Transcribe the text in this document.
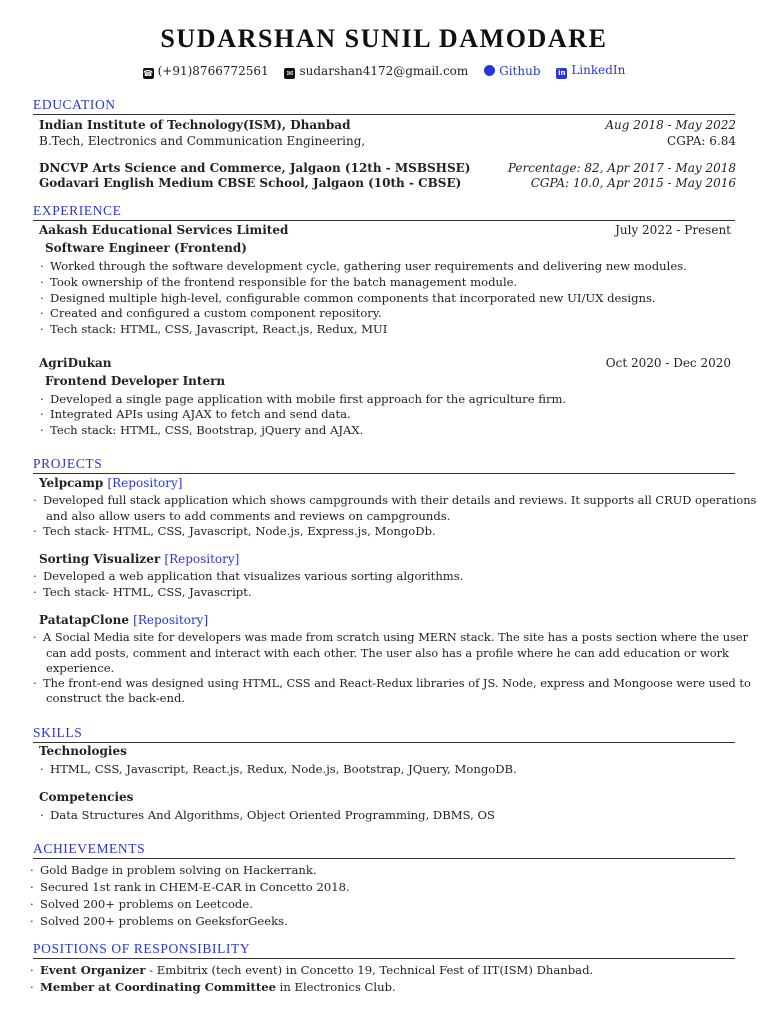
SUDARSHAN SUNIL DAMODARE
☎ (+91)8766772561 ✉ sudarshan4172@gmail.com	Github	in LinkedIn
EDUCATION
Indian Institute of Technology(ISM), Dhanbad	Aug 2018 - May 2022
B.Tech, Electronics and Communication Engineering,	CGPA: 6.84
DNCVP Arts Science and Commerce, Jalgaon (12th - MSBSHSE)	Percentage: 82, Apr 2017 - May 2018
Godavari English Medium CBSE School, Jalgaon (10th - CBSE)	CGPA: 10.0, Apr 2015 - May 2016
EXPERIENCE
Aakash Educational Services Limited	July 2022 - Present
Software Engineer (Frontend)
· Worked through the software development cycle, gathering user requirements and delivering new modules.
· Took ownership of the frontend responsible for the batch management module.
· Designed multiple high-level, configurable common components that incorporated new UI/UX designs.
· Created and configured a custom component repository.
· Tech stack: HTML, CSS, Javascript, React.js, Redux, MUI
AgriDukan	Oct 2020 - Dec 2020
Frontend Developer Intern
· Developed a single page application with mobile first approach for the agriculture firm.
· Integrated APIs using AJAX to fetch and send data.
· Tech stack: HTML, CSS, Bootstrap, jQuery and AJAX.
PROJECTS
Yelpcamp [Repository]
· Developed full stack application which shows campgrounds with their details and reviews. It supports all CRUD operations
and also allow users to add comments and reviews on campgrounds.
· Tech stack- HTML, CSS, Javascript, Node.js, Express.js, MongoDb.
Sorting Visualizer [Repository]
· Developed a web application that visualizes various sorting algorithms.
· Tech stack- HTML, CSS, Javascript.
PatatapClone [Repository]
· A Social Media site for developers was made from scratch using MERN stack. The site has a posts section where the user
can add posts, comment and interact with each other. The user also has a profile where he can add education or work
experience.
· The front-end was designed using HTML, CSS and React-Redux libraries of JS. Node, express and Mongoose were used to
construct the back-end.
SKILLS
Technologies
· HTML, CSS, Javascript, React.js, Redux, Node.js, Bootstrap, JQuery, MongoDB.
Competencies
· Data Structures And Algorithms, Object Oriented Programming, DBMS, OS
ACHIEVEMENTS
· Gold Badge in problem solving on Hackerrank.
· Secured 1st rank in CHEM-E-CAR in Concetto 2018.
· Solved 200+ problems on Leetcode.
· Solved 200+ problems on GeeksforGeeks.
POSITIONS OF RESPONSIBILITY
· Event Organizer - Embitrix (tech event) in Concetto 19, Technical Fest of IIT(ISM) Dhanbad.
· Member at Coordinating Committee in Electronics Club.
